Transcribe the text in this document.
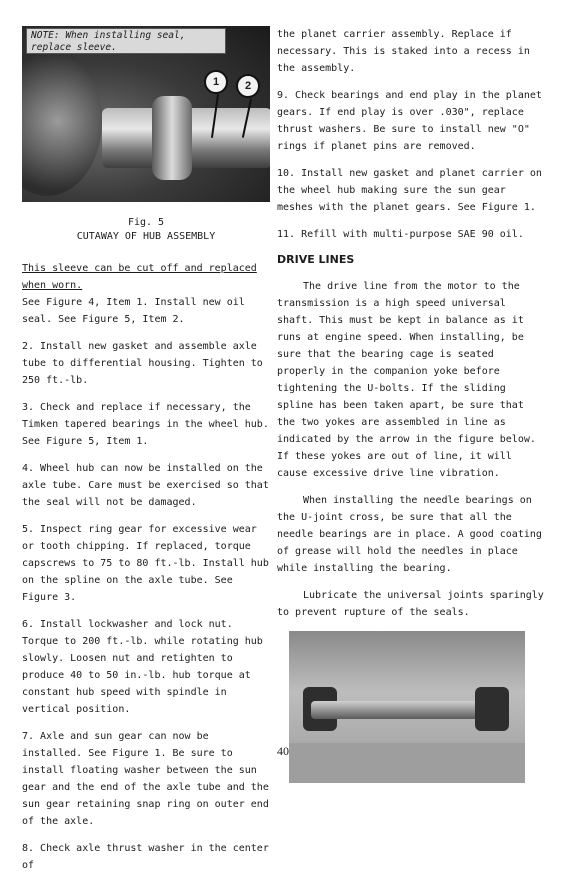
NOTE: When installing seal, replace sleeve.
1	2
Fig. 5
CUTAWAY OF HUB ASSEMBLY

This sleeve can be cut off and replaced when worn.

See Figure 4, Item 1. Install new oil seal. See Figure 5, Item 2.

2. Install new gasket and assemble axle tube to differential housing. Tighten to 250 ft.-lb.

3. Check and replace if necessary, the Timken tapered bearings in the wheel hub. See Figure 5, Item 1.

4. Wheel hub can now be installed on the axle tube. Care must be exercised so that the seal will not be damaged.

5. Inspect ring gear for excessive wear or tooth chipping. If replaced, torque capscrews to 75 to 80 ft.-lb. Install hub on the spline on the axle tube. See Figure 3.

6. Install lockwasher and lock nut. Torque to 200 ft.-lb. while rotating hub slowly. Loosen nut and retighten to produce 40 to 50 in.-lb. hub torque at constant hub speed with spindle in vertical position.

7. Axle and sun gear can now be installed. See Figure 1. Be sure to install floating washer between the sun gear and the end of the axle tube and the sun gear retaining snap ring on outer end of the axle.

8. Check axle thrust washer in the center of

the planet carrier assembly. Replace if necessary. This is staked into a recess in the assembly.

9. Check bearings and end play in the planet gears. If end play is over .030", replace thrust washers. Be sure to install new "O" rings if planet pins are removed.

10. Install new gasket and planet carrier on the wheel hub making sure the sun gear meshes with the planet gears. See Figure 1.

11. Refill with multi-purpose SAE 90 oil.

DRIVE LINES

The drive line from the motor to the transmission is a high speed universal shaft. This must be kept in balance as it runs at engine speed. When installing, be sure that the bearing cage is seated properly in the companion yoke before tightening the U-bolts. If the sliding spline has been taken apart, be sure that the two yokes are assembled in line as indicated by the arrow in the figure below. If these yokes are out of line, it will cause excessive drive line vibration.

When installing the needle bearings on the U-joint cross, be sure that all the needle bearings are in place. A good coating of grease will hold the needles in place while installing the bearing.

Lubricate the universal joints sparingly to prevent rupture of the seals.

40
